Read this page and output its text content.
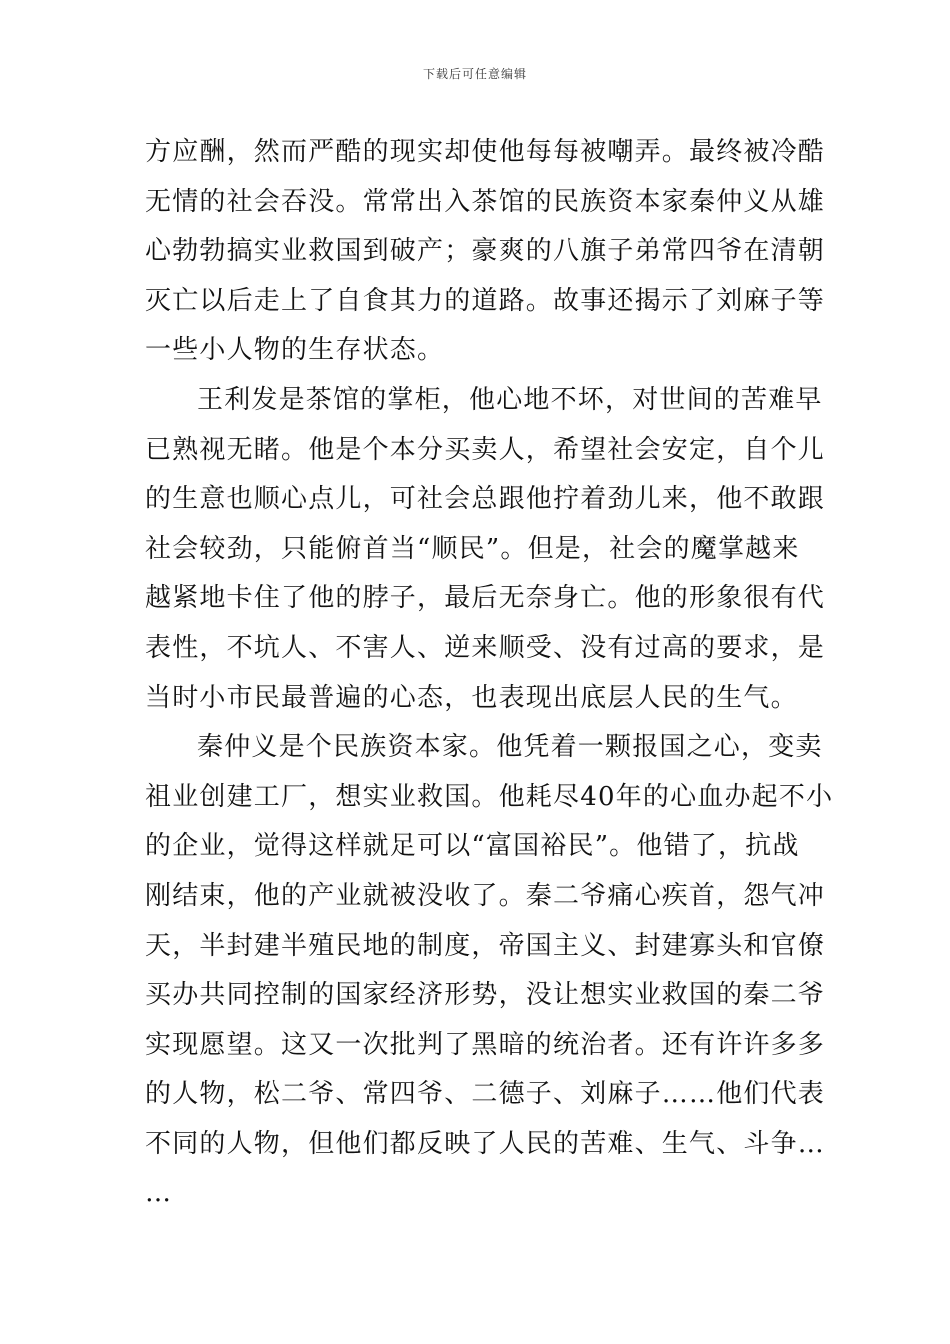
下载后可任意编辑
方应酬，然而严酷的现实却使他每每被嘲弄。最终被冷酷
无情的社会吞没。常常出入茶馆的民族资本家秦仲义从雄
心勃勃搞实业救国到破产；豪爽的八旗子弟常四爷在清朝
灭亡以后走上了自食其力的道路。故事还揭示了刘麻子等
一些小人物的生存状态。
王利发是茶馆的掌柜，他心地不坏，对世间的苦难早
已熟视无睹。他是个本分买卖人，希望社会安定，自个儿
的生意也顺心点儿，可社会总跟他拧着劲儿来，他不敢跟
社会较劲，只能俯首当“顺民”。但是，社会的魔掌越来
越紧地卡住了他的脖子，最后无奈身亡。他的形象很有代
表性，不坑人、不害人、逆来顺受、没有过高的要求，是
当时小市民最普遍的心态，也表现出底层人民的生气。
秦仲义是个民族资本家。他凭着一颗报国之心，变卖
祖业创建工厂，想实业救国。他耗尽40年的心血办起不小
的企业，觉得这样就足可以“富国裕民”。他错了，抗战
刚结束，他的产业就被没收了。秦二爷痛心疾首，怨气冲
天，半封建半殖民地的制度，帝国主义、封建寡头和官僚
买办共同控制的国家经济形势，没让想实业救国的秦二爷
实现愿望。这又一次批判了黑暗的统治者。还有许许多多
的人物，松二爷、常四爷、二德子、刘麻子……他们代表
不同的人物，但他们都反映了人民的苦难、生气、斗争…
…
